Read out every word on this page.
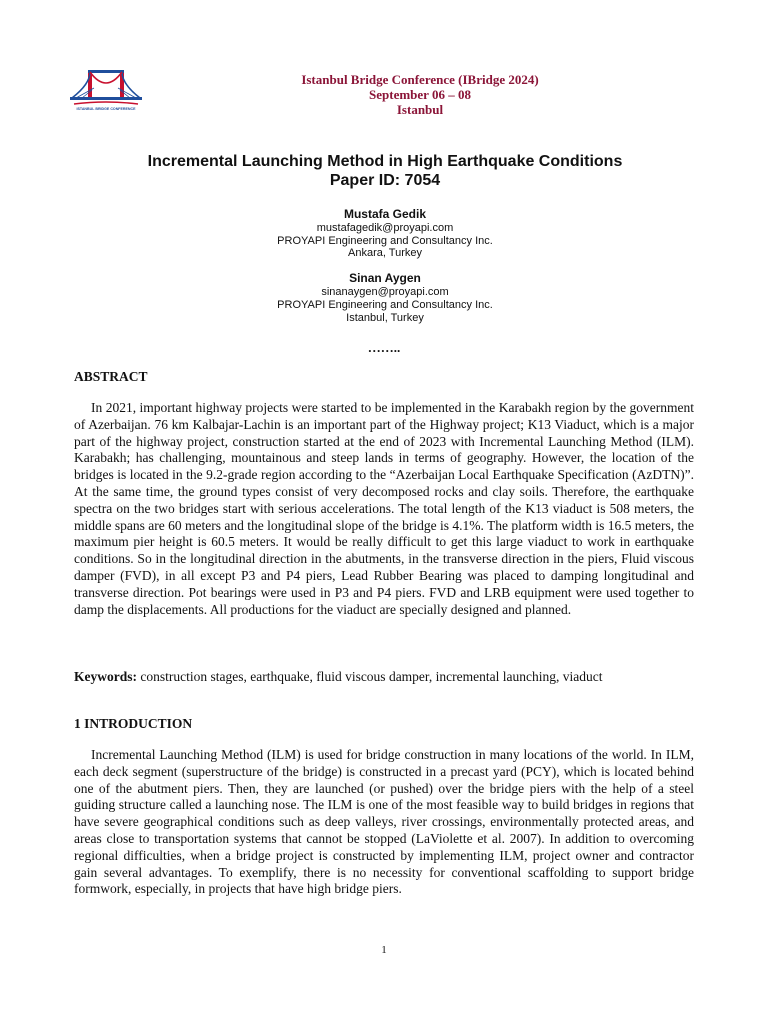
ISTANBUL BRIDGE CONFERENCE
Istanbul Bridge Conference (IBridge 2024)
September 06 – 08
Istanbul
Incremental Launching Method in High Earthquake Conditions
Paper ID: 7054
Mustafa Gedik
mustafagedik@proyapi.com
PROYAPI Engineering and Consultancy Inc.
Ankara, Turkey
Sinan Aygen
sinanaygen@proyapi.com
PROYAPI Engineering and Consultancy Inc.
Istanbul, Turkey
……..
ABSTRACT
In 2021, important highway projects were started to be implemented in the Karabakh region by the government of Azerbaijan. 76 km Kalbajar-Lachin is an important part of the Highway project; K13 Viaduct, which is a major part of the highway project, construction started at the end of 2023 with Incremental Launching Method (ILM). Karabakh; has challenging, mountainous and steep lands in terms of geography. However, the location of the bridges is located in the 9.2-grade region according to the “Azerbaijan Local Earthquake Specification (AzDTN)”. At the same time, the ground types consist of very decomposed rocks and clay soils. Therefore, the earthquake spectra on the two bridges start with serious accelerations. The total length of the K13 viaduct is 508 meters, the middle spans are 60 meters and the longitudinal slope of the bridge is 4.1%. The platform width is 16.5 meters, the maximum pier height is 60.5 meters. It would be really difficult to get this large viaduct to work in earthquake conditions. So in the longitudinal direction in the abutments, in the transverse direction in the piers, Fluid viscous damper (FVD), in all except P3 and P4 piers, Lead Rubber Bearing was placed to damping longitudinal and transverse direction. Pot bearings were used in P3 and P4 piers. FVD and LRB equipment were used together to damp the displacements. All productions for the viaduct are specially designed and planned.
Keywords: construction stages, earthquake, fluid viscous damper, incremental launching, viaduct
1 INTRODUCTION
Incremental Launching Method (ILM) is used for bridge construction in many locations of the world. In ILM, each deck segment (superstructure of the bridge) is constructed in a precast yard (PCY), which is located behind one of the abutment piers. Then, they are launched (or pushed) over the bridge piers with the help of a steel guiding structure called a launching nose. The ILM is one of the most feasible way to build bridges in regions that have severe geographical conditions such as deep valleys, river crossings, environmentally protected areas, and areas close to transportation systems that cannot be stopped (LaViolette et al. 2007). In addition to overcoming regional difficulties, when a bridge project is constructed by implementing ILM, project owner and contractor gain several advantages. To exemplify, there is no necessity for conventional scaffolding to support bridge formwork, especially, in projects that have high bridge piers.
1
